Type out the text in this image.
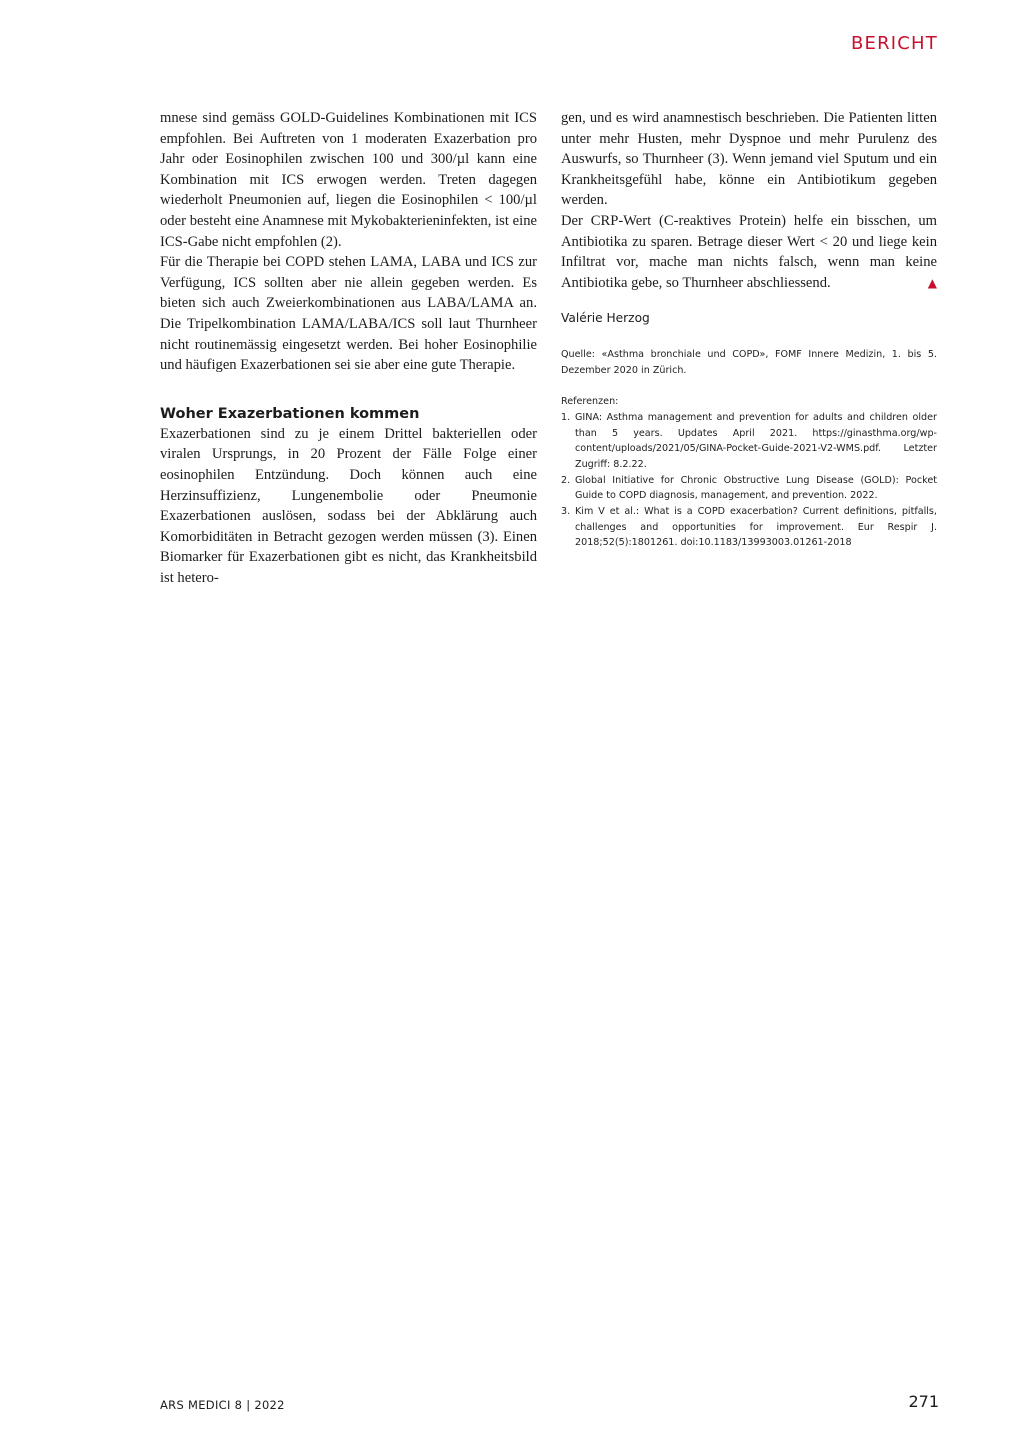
BERICHT

mnese sind gemäss GOLD-Guidelines Kombinationen mit ICS empfohlen. Bei Auftreten von 1 moderaten Exazerbation pro Jahr oder Eosinophilen zwischen 100 und 300/µl kann eine Kombination mit ICS erwogen werden. Treten dagegen wiederholt Pneumonien auf, liegen die Eosinophilen < 100/µl oder besteht eine Anamnese mit Mykobakterieninfekten, ist eine ICS-Gabe nicht empfohlen (2).

Für die Therapie bei COPD stehen LAMA, LABA und ICS zur Verfügung, ICS sollten aber nie allein gegeben werden. Es bieten sich auch Zweierkombinationen aus LABA/LAMA an. Die Tripelkombination LAMA/LABA/ICS soll laut Thurnheer nicht routinemässig eingesetzt werden. Bei hoher Eosinophilie und häufigen Exazerbationen sei sie aber eine gute Therapie.

Woher Exazerbationen kommen

Exazerbationen sind zu je einem Drittel bakteriellen oder viralen Ursprungs, in 20 Prozent der Fälle Folge einer eosinophilen Entzündung. Doch können auch eine Herzinsuffizienz, Lungenembolie oder Pneumonie Exazerbationen auslösen, sodass bei der Abklärung auch Komorbiditäten in Betracht gezogen werden müssen (3). Einen Biomarker für Exazerbationen gibt es nicht, das Krankheitsbild ist hetero-

gen, und es wird anamnestisch beschrieben. Die Patienten litten unter mehr Husten, mehr Dyspnoe und mehr Purulenz des Auswurfs, so Thurnheer (3). Wenn jemand viel Sputum und ein Krankheitsgefühl habe, könne ein Antibiotikum gegeben werden.

Der CRP-Wert (C-reaktives Protein) helfe ein bisschen, um Antibiotika zu sparen. Betrage dieser Wert < 20 und liege kein Infiltrat vor, mache man nichts falsch, wenn man keine Antibiotika gebe, so Thurnheer abschliessend.	▲

Valérie Herzog

Quelle: «Asthma bronchiale und COPD», FOMF Innere Medizin, 1. bis 5. Dezember 2020 in Zürich.

Referenzen:

1. GINA: Asthma management and prevention for adults and children older than 5 years. Updates April 2021. https://ginasthma.org/wp-content/uploads/2021/05/GINA-Pocket-Guide-2021-V2-WMS.pdf. Letzter Zugriff: 8.2.22.
2. Global Initiative for Chronic Obstructive Lung Disease (GOLD): Pocket Guide to COPD diagnosis, management, and prevention. 2022.
3. Kim V et al.: What is a COPD exacerbation? Current definitions, pitfalls, challenges and opportunities for improvement. Eur Respir J. 2018;52(5):1801261. doi:10.1183/13993003.01261-2018
ARS MEDICI 8 | 2022	271
